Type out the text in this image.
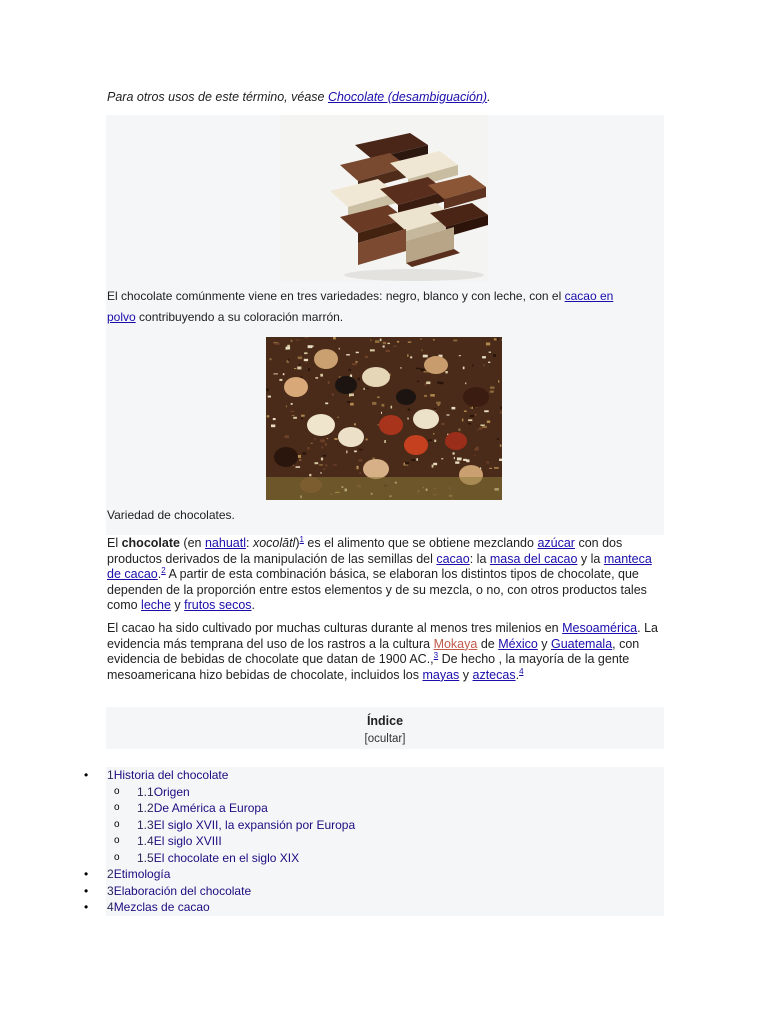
Para otros usos de este término, véase Chocolate (desambiguación).
El chocolate comúnmente viene en tres variedades: negro, blanco y con leche, con el cacao en polvo contribuyendo a su coloración marrón.
Variedad de chocolates.
El chocolate (en nahuatl: xocolātl)$^1$ es el alimento que se obtiene mezclando azúcar con dos productos derivados de la manipulación de las semillas del cacao: la masa del cacao y la manteca de cacao.$^2$ A partir de esta combinación básica, se elaboran los distintos tipos de chocolate, que dependen de la proporción entre estos elementos y de su mezcla, o no, con otros productos tales como leche y frutos secos.
El cacao ha sido cultivado por muchas culturas durante al menos tres milenios en Mesoamérica. La evidencia más temprana del uso de los rastros a la cultura Mokaya de México y Guatemala, con evidencia de bebidas de chocolate que datan de 1900 AC.,$^3$ De hecho , la mayoría de la gente mesoamericana hizo bebidas de chocolate, incluidos los mayas y aztecas.$^4$
Índice
[ocultar]
• 1Historia del chocolate
o 1.1Origen
o 1.2De América a Europa
o 1.3El siglo XVII, la expansión por Europa
o 1.4El siglo XVIII
o 1.5El chocolate en el siglo XIX
• 2Etimología
• 3Elaboración del chocolate
• 4Mezclas de cacao
